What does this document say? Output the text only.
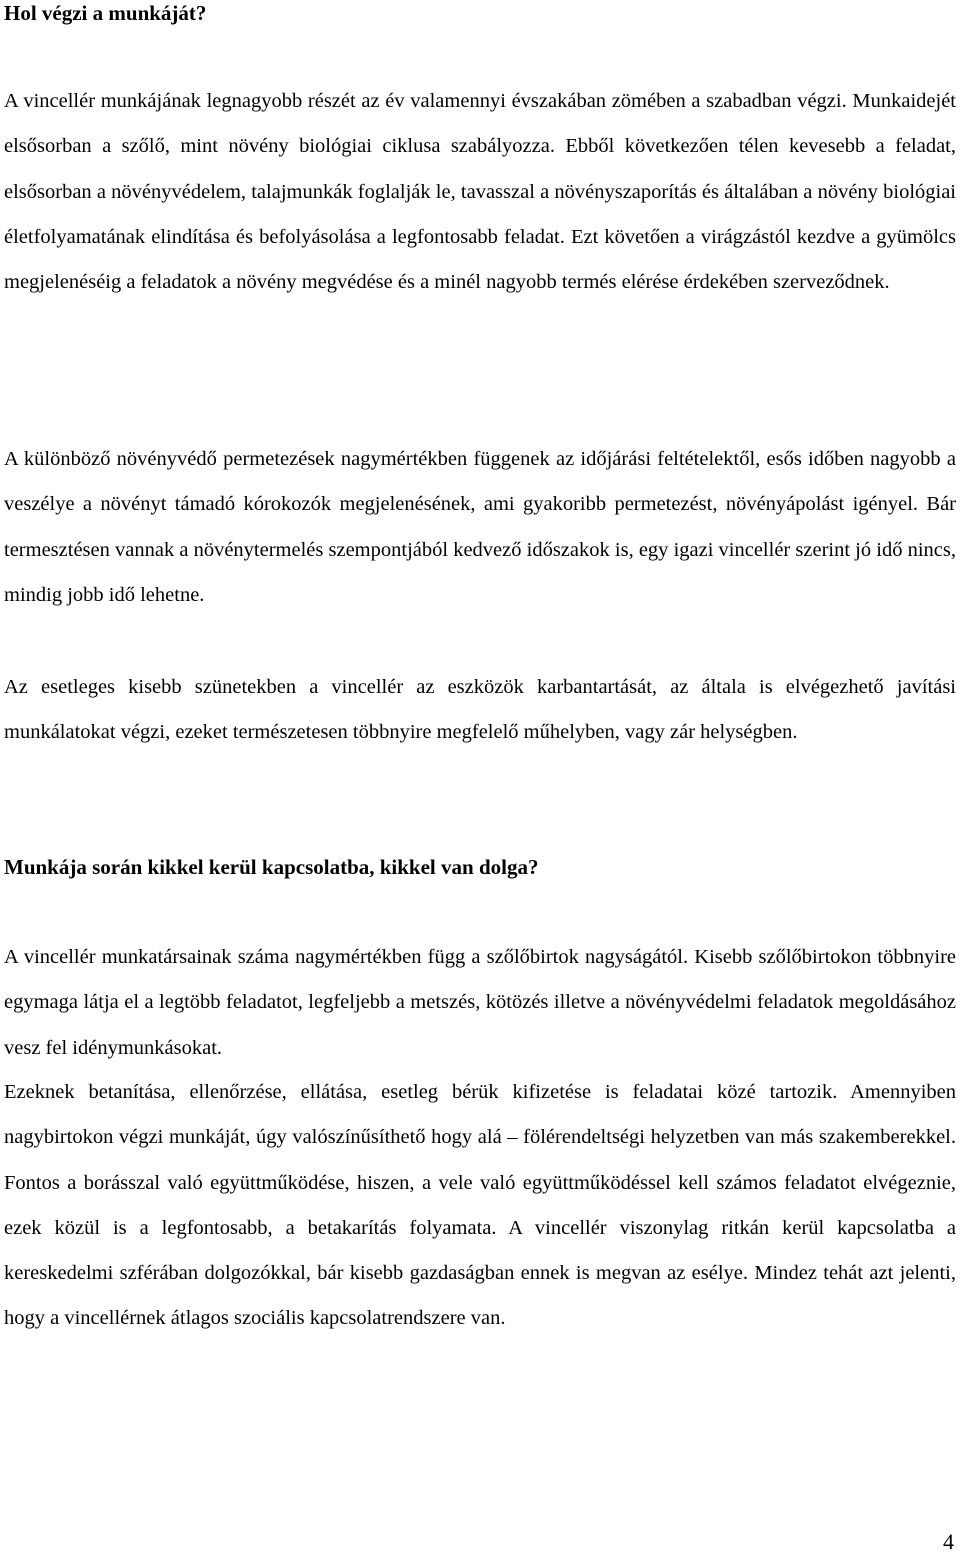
Hol végzi a munkáját?

A vincellér munkájának legnagyobb részét az év valamennyi évszakában zömében a szabadban végzi. Munkaidejét elsősorban a szőlő, mint növény biológiai ciklusa szabályozza. Ebből következően télen kevesebb a feladat, elsősorban a növényvédelem, talajmunkák foglalják le, tavasszal a növényszaporítás és általában a növény biológiai életfolyamatának elindítása és befolyásolása a legfontosabb feladat. Ezt követően a virágzástól kezdve a gyümölcs megjelenéséig a feladatok a növény megvédése és a minél nagyobb termés elérése érdekében szerveződnek.

A különböző növényvédő permetezések nagymértékben függenek az időjárási feltételektől, esős időben nagyobb a veszélye a növényt támadó kórokozók megjelenésének, ami gyakoribb permetezést, növényápolást igényel. Bár termesztésen vannak a növénytermelés szempontjából kedvező időszakok is, egy igazi vincellér szerint jó idő nincs, mindig jobb idő lehetne.

Az esetleges kisebb szünetekben a vincellér az eszközök karbantartását, az általa is elvégezhető javítási munkálatokat végzi, ezeket természetesen többnyire megfelelő műhelyben, vagy zár helységben.

Munkája során kikkel kerül kapcsolatba, kikkel van dolga?

A vincellér munkatársainak száma nagymértékben függ a szőlőbirtok nagyságától. Kisebb szőlőbirtokon többnyire egymaga látja el a legtöbb feladatot, legfeljebb a metszés, kötözés illetve a növényvédelmi feladatok megoldásához vesz fel idénymunkásokat.

Ezeknek betanítása, ellenőrzése, ellátása, esetleg bérük kifizetése is feladatai közé tartozik. Amennyiben nagybirtokon végzi munkáját, úgy valószínűsíthető hogy alá – fölérendeltségi helyzetben van más szakemberekkel. Fontos a borásszal való együttműködése, hiszen, a vele való együttműködéssel kell számos feladatot elvégeznie, ezek közül is a legfontosabb, a betakarítás folyamata. A vincellér viszonylag ritkán kerül kapcsolatba a kereskedelmi szférában dolgozókkal, bár kisebb gazdaságban ennek is megvan az esélye. Mindez tehát azt jelenti, hogy a vincellérnek átlagos szociális kapcsolatrendszere van.

4
